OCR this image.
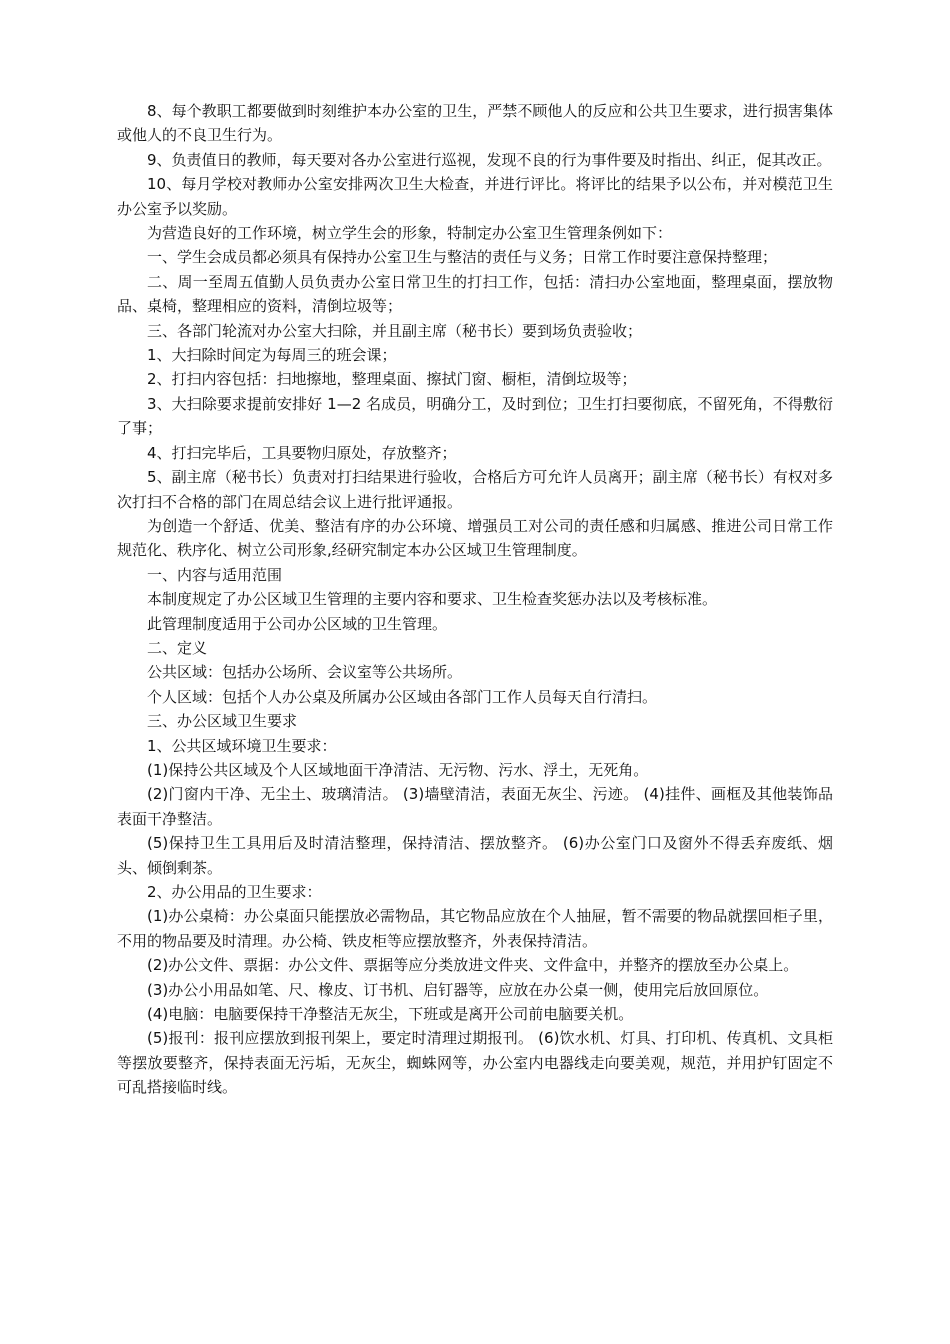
8、每个教职工都要做到时刻维护本办公室的卫生，严禁不顾他人的反应和公共卫生要求，进行损害集体或他人的不良卫生行为。

9、负责值日的教师，每天要对各办公室进行巡视，发现不良的行为事件要及时指出、纠正，促其改正。

10、每月学校对教师办公室安排两次卫生大检查，并进行评比。将评比的结果予以公布，并对模范卫生办公室予以奖励。

为营造良好的工作环境，树立学生会的形象，特制定办公室卫生管理条例如下：

一、学生会成员都必须具有保持办公室卫生与整洁的责任与义务；日常工作时要注意保持整理；

二、周一至周五值勤人员负责办公室日常卫生的打扫工作，包括：清扫办公室地面，整理桌面，摆放物品、桌椅，整理相应的资料，清倒垃圾等；

三、各部门轮流对办公室大扫除，并且副主席（秘书长）要到场负责验收；

1、大扫除时间定为每周三的班会课；

2、打扫内容包括：扫地擦地，整理桌面、擦拭门窗、橱柜，清倒垃圾等；

3、大扫除要求提前安排好 1—2 名成员，明确分工，及时到位；卫生打扫要彻底，不留死角，不得敷衍了事；

4、打扫完毕后，工具要物归原处，存放整齐；

5、副主席（秘书长）负责对打扫结果进行验收，合格后方可允许人员离开；副主席（秘书长）有权对多次打扫不合格的部门在周总结会议上进行批评通报。

为创造一个舒适、优美、整洁有序的办公环境、增强员工对公司的责任感和归属感、推进公司日常工作规范化、秩序化、树立公司形象,经研究制定本办公区域卫生管理制度。

一、内容与适用范围

本制度规定了办公区域卫生管理的主要内容和要求、卫生检查奖惩办法以及考核标准。

此管理制度适用于公司办公区域的卫生管理。

二、定义

公共区域：包括办公场所、会议室等公共场所。

个人区域：包括个人办公桌及所属办公区域由各部门工作人员每天自行清扫。

三、办公区域卫生要求

1、公共区域环境卫生要求：

(1)保持公共区域及个人区域地面干净清洁、无污物、污水、浮土，无死角。

(2)门窗内干净、无尘土、玻璃清洁。 (3)墙壁清洁，表面无灰尘、污迹。 (4)挂件、画框及其他装饰品表面干净整洁。

(5)保持卫生工具用后及时清洁整理，保持清洁、摆放整齐。 (6)办公室门口及窗外不得丢弃废纸、烟头、倾倒剩茶。

2、办公用品的卫生要求：

(1)办公桌椅：办公桌面只能摆放必需物品，其它物品应放在个人抽屉，暂不需要的物品就摆回柜子里，不用的物品要及时清理。办公椅、铁皮柜等应摆放整齐，外表保持清洁。

(2)办公文件、票据：办公文件、票据等应分类放进文件夹、文件盒中，并整齐的摆放至办公桌上。

(3)办公小用品如笔、尺、橡皮、订书机、启钉器等，应放在办公桌一侧，使用完后放回原位。

(4)电脑：电脑要保持干净整洁无灰尘，下班或是离开公司前电脑要关机。

(5)报刊：报刊应摆放到报刊架上，要定时清理过期报刊。 (6)饮水机、灯具、打印机、传真机、文具柜等摆放要整齐，保持表面无污垢，无灰尘，蜘蛛网等，办公室内电器线走向要美观，规范，并用护钉固定不可乱搭接临时线。
